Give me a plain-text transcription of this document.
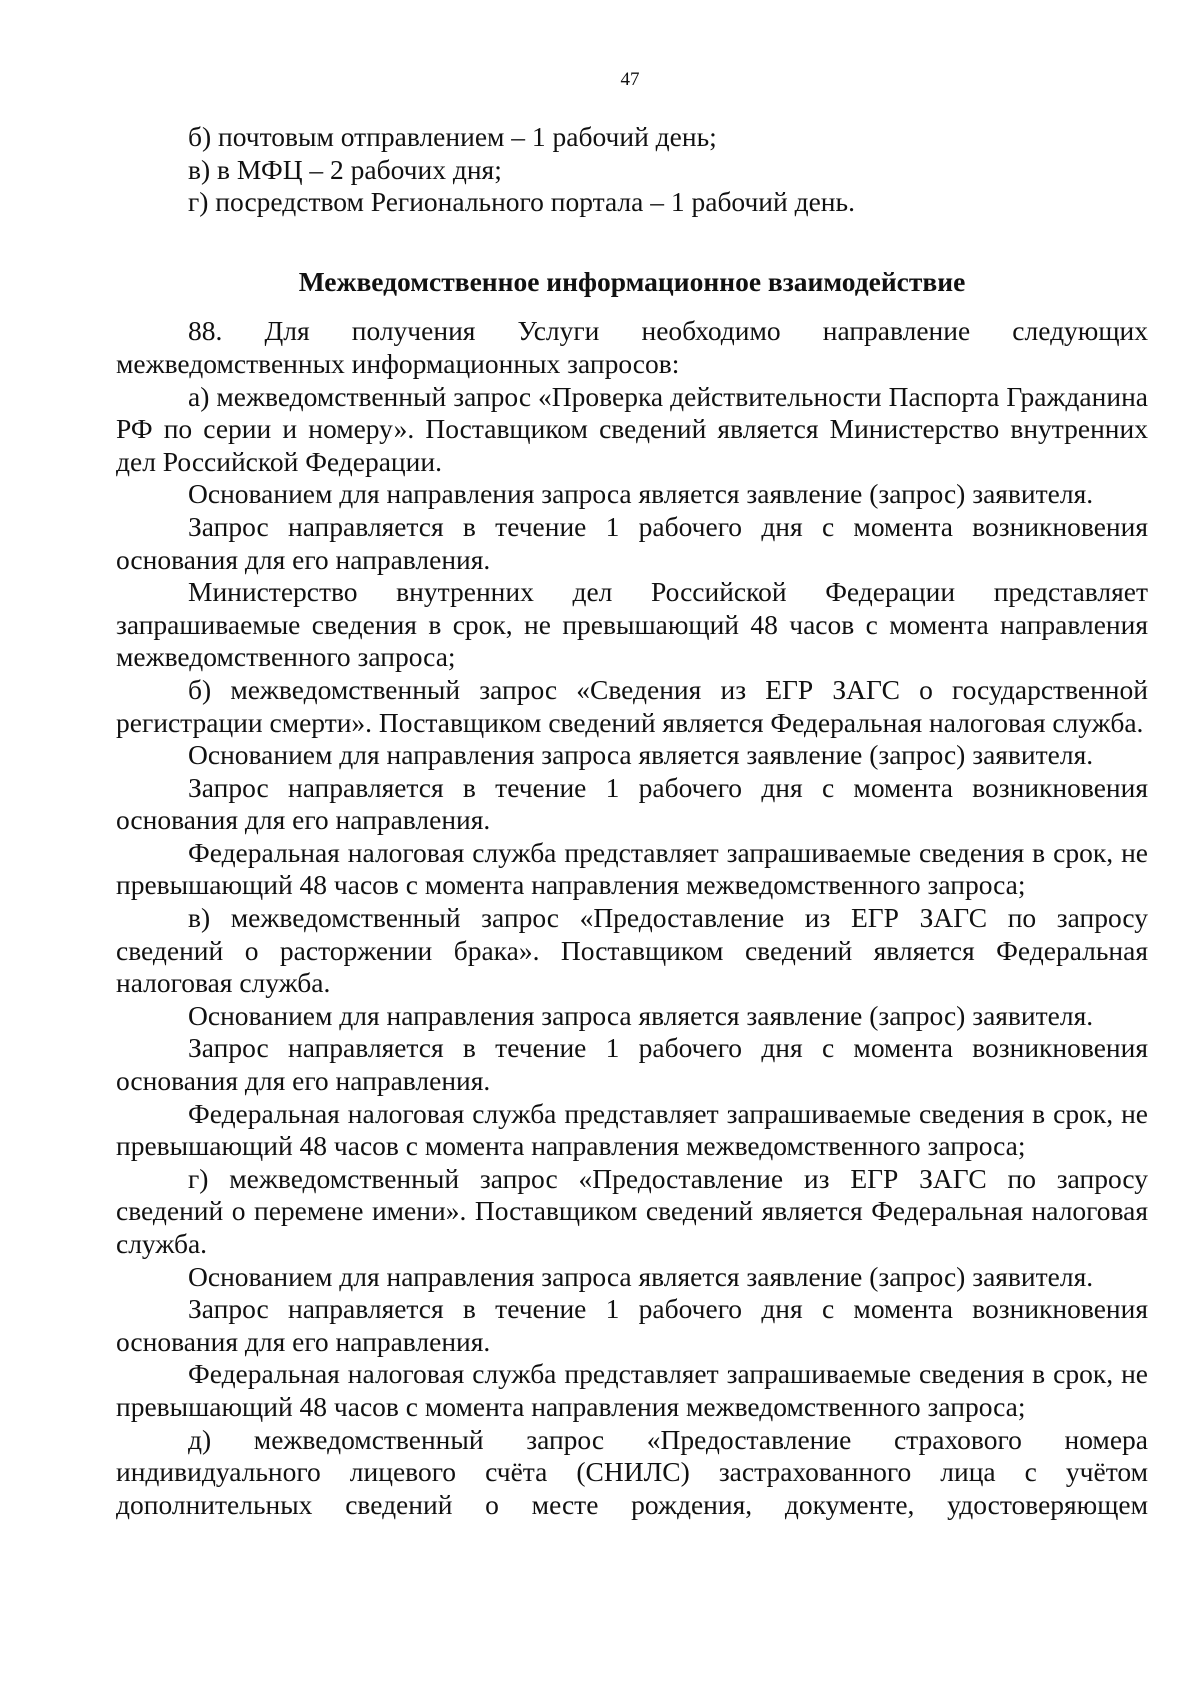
47

б) почтовым отправлением – 1 рабочий день;

в) в МФЦ – 2 рабочих дня;

г) посредством Регионального портала – 1 рабочий день.

Межведомственное информационное взаимодействие

88. Для получения Услуги необходимо направление следующих межведомственных информационных запросов:

а) межведомственный запрос «Проверка действительности Паспорта Гражданина РФ по серии и номеру». Поставщиком сведений является Министерство внутренних дел Российской Федерации.

Основанием для направления запроса является заявление (запрос) заявителя.

Запрос направляется в течение 1 рабочего дня с момента возникновения основания для его направления.

Министерство внутренних дел Российской Федерации представляет запрашиваемые сведения в срок, не превышающий 48 часов с момента направления межведомственного запроса;

б) межведомственный запрос «Сведения из ЕГР ЗАГС о государственной регистрации смерти». Поставщиком сведений является Федеральная налоговая служба.

Основанием для направления запроса является заявление (запрос) заявителя.

Запрос направляется в течение 1 рабочего дня с момента возникновения основания для его направления.

Федеральная налоговая служба представляет запрашиваемые сведения в срок, не превышающий 48 часов с момента направления межведомственного запроса;

в) межведомственный запрос «Предоставление из ЕГР ЗАГС по запросу сведений о расторжении брака». Поставщиком сведений является Федеральная налоговая служба.

Основанием для направления запроса является заявление (запрос) заявителя.

Запрос направляется в течение 1 рабочего дня с момента возникновения основания для его направления.

Федеральная налоговая служба представляет запрашиваемые сведения в срок, не превышающий 48 часов с момента направления межведомственного запроса;

г) межведомственный запрос «Предоставление из ЕГР ЗАГС по запросу сведений о перемене имени». Поставщиком сведений является Федеральная налоговая служба.

Основанием для направления запроса является заявление (запрос) заявителя.

Запрос направляется в течение 1 рабочего дня с момента возникновения основания для его направления.

Федеральная налоговая служба представляет запрашиваемые сведения в срок, не превышающий 48 часов с момента направления межведомственного запроса;

д) межведомственный запрос «Предоставление страхового номера индивидуального лицевого счёта (СНИЛС) застрахованного лица с учётом дополнительных сведений о месте рождения, документе, удостоверяющем
